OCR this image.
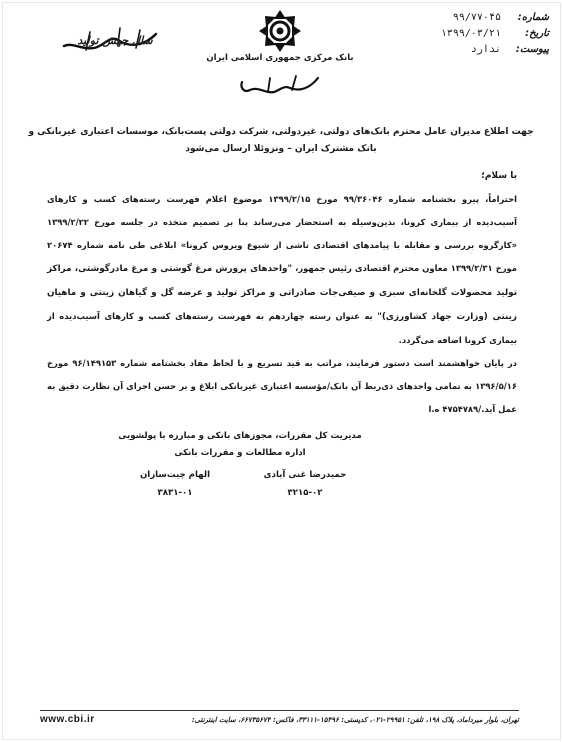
شماره:
۹۹/۷۷۰۴۵
تاریخ:
۱۳۹۹/۰۳/۲۱
پیوست:
ندارد
بانک مرکزی جمهوری اسلامی ایران
سال جهش تولید
جهت اطلاع مدیران عامل محترم بانک‌های دولتی، غیردولتی، شرکت دولتی پست‌بانک، موسسات اعتباری غیربانکی و بانک مشترک ایران – ونزوئلا ارسال می‌شود
با سلام؛

احتراماً، پیرو بخشنامه شماره ۹۹/۳۶۰۴۶ مورخ ۱۳۹۹/۲/۱۵ موضوع اعلام فهرست رسته‌های کسب و کارهای آسیب‌دیده از بیماری کرونا، بدین‌وسیله به استحضار می‌رساند بنا بر تصمیم متخذه در جلسه مورخ ۱۳۹۹/۲/۲۲ «کارگروه بررسی و مقابله با پیامدهای اقتصادی ناشی از شیوع ویروس کرونا» ابلاغی طی نامه شماره ۲۰۶۷۴ مورخ ۱۳۹۹/۲/۳۱ معاون محترم اقتصادی رئیس جمهور، "واحدهای پرورش مرغ گوشتی و مرغ مادرگوشتی، مراکز تولید محصولات گلخانه‌ای سبزی و صیفی‌جات صادراتی و مراکز تولید و عرضه گل و گیاهان زینتی و ماهیان زینتی (وزارت جهاد کشاورزی)" به عنوان رسته چهاردهم به فهرست رسته‌های کسب و کارهای آسیب‌دیده از بیماری کرونا اضافه می‌گردد.

در پایان خواهشمند است دستور فرمایند، مراتب به قید تسریع و با لحاظ مفاد بخشنامه شماره ۹۶/۱۴۹۱۵۳ مورخ ۱۳۹۶/۵/۱۶ به تمامی واحدهای ذی‌ربط آن بانک/مؤسسه اعتباری غیربانکی ابلاغ و بر حسن اجرای آن نظارت دقیق به عمل آید./۴۷۵۴۷۸۹ ه.ا

مدیریت کل مقررات، مجوزهای بانکی و مبارزه با پولشویی
اداره مطالعات و مقررات بانکی
حمیدرضا غنی آبادی
۳۲۱۵-۰۲
الهام چیت‌سازان
۳۸۳۱-۰۱
تهران، بلوار میرداماد، پلاک ۱۹۸، تلفن: ۲۹۹۵۱-۰۲۱، کدپستی: ۱۵۴۹۶-۳۳۱۱۱، فاکس: ۶۶۷۳۵۶۷۴، سایت اینترنتی:
www.cbi.ir
